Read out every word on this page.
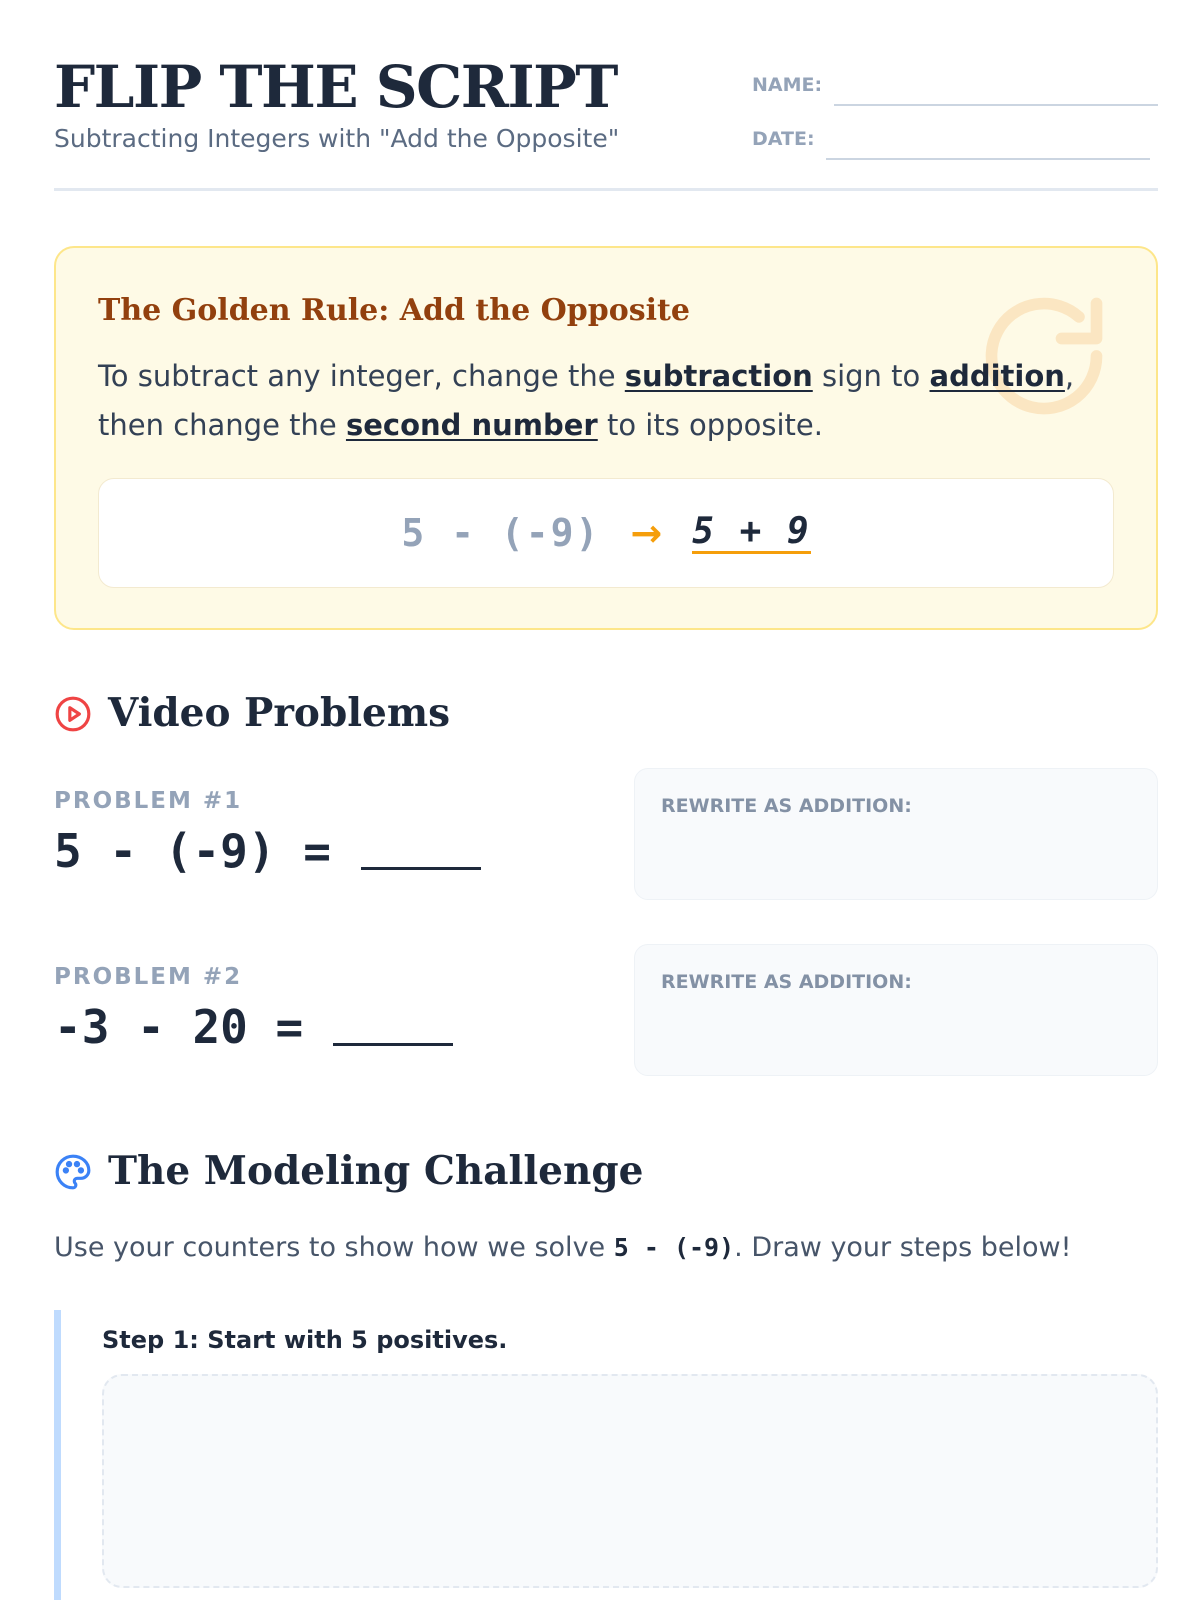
FLIP THE SCRIPT
Subtracting Integers with "Add the Opposite"
NAME:
DATE:
The Golden Rule: Add the Opposite
To subtract any integer, change the subtraction sign to addition, then change the second number to its opposite.
5 - (-9) → 5 + 9
Video Problems
PROBLEM #1
5 - (-9) =
REWRITE AS ADDITION:
PROBLEM #2
-3 - 20 =
REWRITE AS ADDITION:
The Modeling Challenge
Use your counters to show how we solve 5 - (-9). Draw your steps below!
Step 1: Start with 5 positives.
